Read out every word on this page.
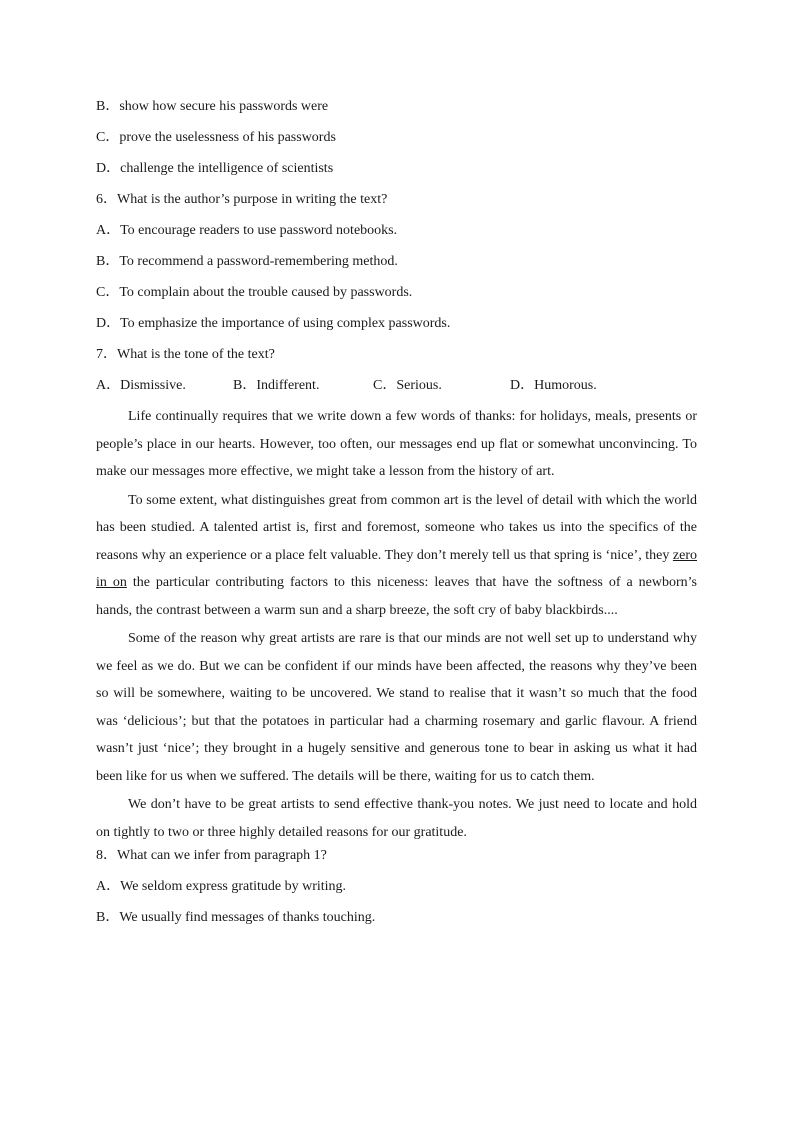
B．show how secure his passwords were
C．prove the uselessness of his passwords
D．challenge the intelligence of scientists
6．What is the author’s purpose in writing the text?
A．To encourage readers to use password notebooks.
B．To recommend a password-remembering method.
C．To complain about the trouble caused by passwords.
D．To emphasize the importance of using complex passwords.
7．What is the tone of the text?
A．Dismissive.	B．Indifferent.	C．Serious.	D．Humorous.

Life continually requires that we write down a few words of thanks: for holidays, meals, presents or people’s place in our hearts. However, too often, our messages end up flat or somewhat unconvincing. To make our messages more effective, we might take a lesson from the history of art.

To some extent, what distinguishes great from common art is the level of detail with which the world has been studied. A talented artist is, first and foremost, someone who takes us into the specifics of the reasons why an experience or a place felt valuable. They don’t merely tell us that spring is ‘nice’, they zero in on the particular contributing factors to this niceness: leaves that have the softness of a newborn’s hands, the contrast between a warm sun and a sharp breeze, the soft cry of baby blackbirds....

Some of the reason why great artists are rare is that our minds are not well set up to understand why we feel as we do. But we can be confident if our minds have been affected, the reasons why they’ve been so will be somewhere, waiting to be uncovered. We stand to realise that it wasn’t so much that the food was ‘delicious’; but that the potatoes in particular had a charming rosemary and garlic flavour. A friend wasn’t just ‘nice’; they brought in a hugely sensitive and generous tone to bear in asking us what it had been like for us when we suffered. The details will be there, waiting for us to catch them.

We don’t have to be great artists to send effective thank-you notes. We just need to locate and hold on tightly to two or three highly detailed reasons for our gratitude.

8．What can we infer from paragraph 1?
A．We seldom express gratitude by writing.
B．We usually find messages of thanks touching.
